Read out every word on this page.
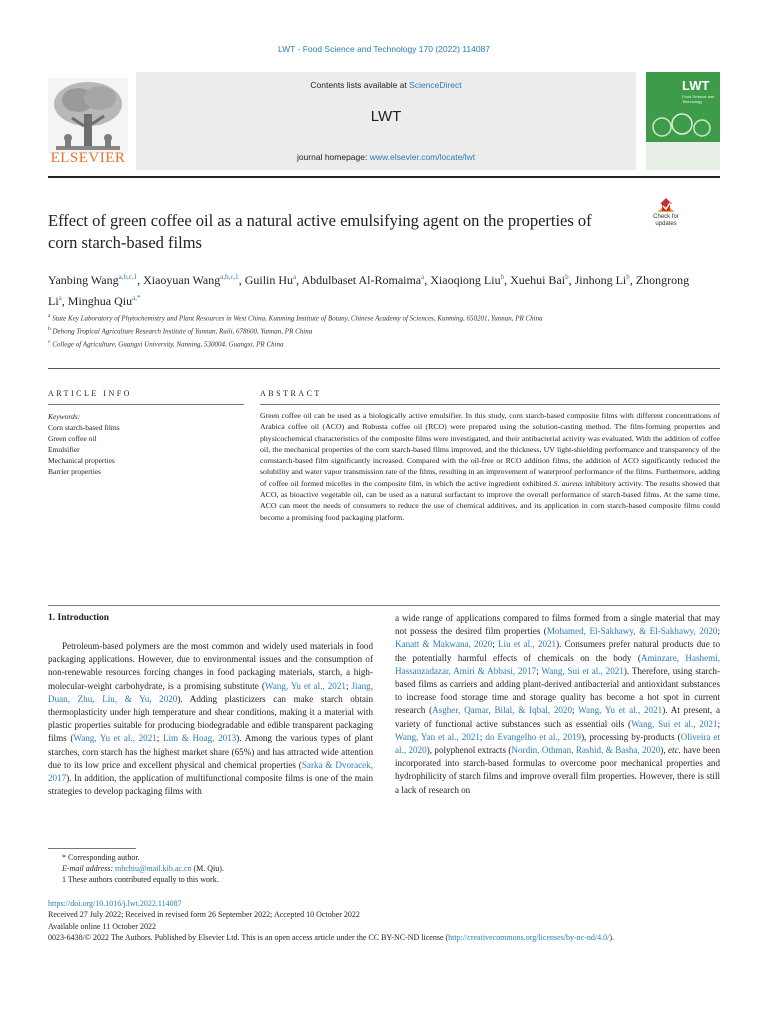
LWT - Food Science and Technology 170 (2022) 114087
ELSEVIER
Contents lists available at ScienceDirect
LWT
journal homepage: www.elsevier.com/locate/lwt
LWT
Food Science and Technology
Effect of green coffee oil as a natural active emulsifying agent on the properties of corn starch-based films
Check for updates
Yanbing Wang$^{a,b,c,1}$, Xiaoyuan Wang$^{a,b,c,1}$, Guilin Hu$^a$, Abdulbaset Al-Romaima$^a$, Xiaoqiong Liu$^b$, Xuehui Bai$^b$, Jinhong Li$^b$, Zhongrong Li$^a$, Minghua Qiu$^{a,*}$
$^a$ State Key Laboratory of Phytochemistry and Plant Resources in West China, Kunming Institute of Botany, Chinese Academy of Sciences, Kunming, 650201, Yunnan, PR China
$^b$ Dehong Tropical Agriculture Research Institute of Yunnan, Ruili, 678600, Yunnan, PR China
$^c$ College of Agriculture, Guangxi University, Nanning, 530004, Guangxi, PR China
ARTICLE INFO	ABSTRACT
Keywords:
Corn starch-based films
Green coffee oil
Emulsifier
Mechanical properties
Barrier properties
Green coffee oil can be used as a biologically active emulsifier. In this study, corn starch-based composite films with different concentrations of Arabica coffee oil (ACO) and Robusta coffee oil (RCO) were prepared using the solution-casting method. The film-forming properties and physicochemical characteristics of the composite films were investigated, and their antibacterial activity was evaluated. With the addition of coffee oil, the mechanical properties of the corn starch-based films improved, and the thickness, UV light-shielding performance and transparency of the cornstarch-based film significantly increased. Compared with the oil-free or RCO addition films, the addition of ACO significantly reduced the solubility and water vapor transmission rate of the films, resulting in an improvement of waterproof performance of the films. Furthermore, adding of coffee oil formed micelles in the composite film, in which the active ingredient exhibited S. aureus inhibitory activity. The results showed that ACO, as bioactive vegetable oil, can be used as a natural surfactant to improve the overall performance of starch-based films. At the same time, ACO can meet the needs of consumers to reduce the use of chemical additives, and its application in corn starch-based composite films could become a promising food packaging platform.
1. Introduction
Petroleum-based polymers are the most common and widely used materials in food packaging applications. However, due to environmental issues and the consumption of non-renewable resources forcing changes in food packaging materials, starch, a high-molecular-weight carbohydrate, is a promising substitute (Wang, Yu et al., 2021; Jiang, Duan, Zhu, Liu, & Yu, 2020). Adding plasticizers can make starch obtain thermoplasticity under high temperature and shear conditions, making it a material with plastic properties suitable for producing biodegradable and edible transparent packaging films (Wang, Yu et al., 2021; Lim & Hoag, 2013). Among the various types of plant starches, corn starch has the highest market share (65%) and has attracted wide attention due to its low price and excellent physical and chemical properties (Sarka & Dvoracek, 2017). In addition, the application of multifunctional composite films is one of the main strategies to develop packaging films with
a wide range of applications compared to films formed from a single material that may not possess the desired film properties (Mohamed, El-Sakhawy, & El-Sakhawy, 2020; Kanatt & Makwana, 2020; Liu et al., 2021). Consumers prefer natural products due to the potentially harmful effects of chemicals on the body (Aminzare, Hashemi, Hassanzadazar, Amiri & Abbasi, 2017; Wang, Sui et al., 2021). Therefore, using starch-based films as carriers and adding plant-derived antibacterial and antioxidant substances to increase food storage time and storage quality has become a hot spot in current research (Asgher, Qamar, Bilal, & Iqbal, 2020; Wang, Yu et al., 2021). At present, a variety of functional active substances such as essential oils (Wang, Sui et al., 2021; Wang, Yan et al., 2021; do Evangelho et al., 2019), processing by-products (Oliveira et al., 2020), polyphenol extracts (Nordin, Othman, Rashid, & Basha, 2020), etc. have been incorporated into starch-based formulas to overcome poor mechanical properties and hydrophilicity of starch films and improve overall film properties. However, there is still a lack of research on
* Corresponding author.
E-mail address: mhchiu@mail.kib.ac.cn (M. Qiu).
1 These authors contributed equally to this work.
https://doi.org/10.1016/j.lwt.2022.114087
Received 27 July 2022; Received in revised form 26 September 2022; Accepted 10 October 2022
Available online 11 October 2022
0023-6438/© 2022 The Authors. Published by Elsevier Ltd. This is an open access article under the CC BY-NC-ND license (http://creativecommons.org/licenses/by-nc-nd/4.0/).
